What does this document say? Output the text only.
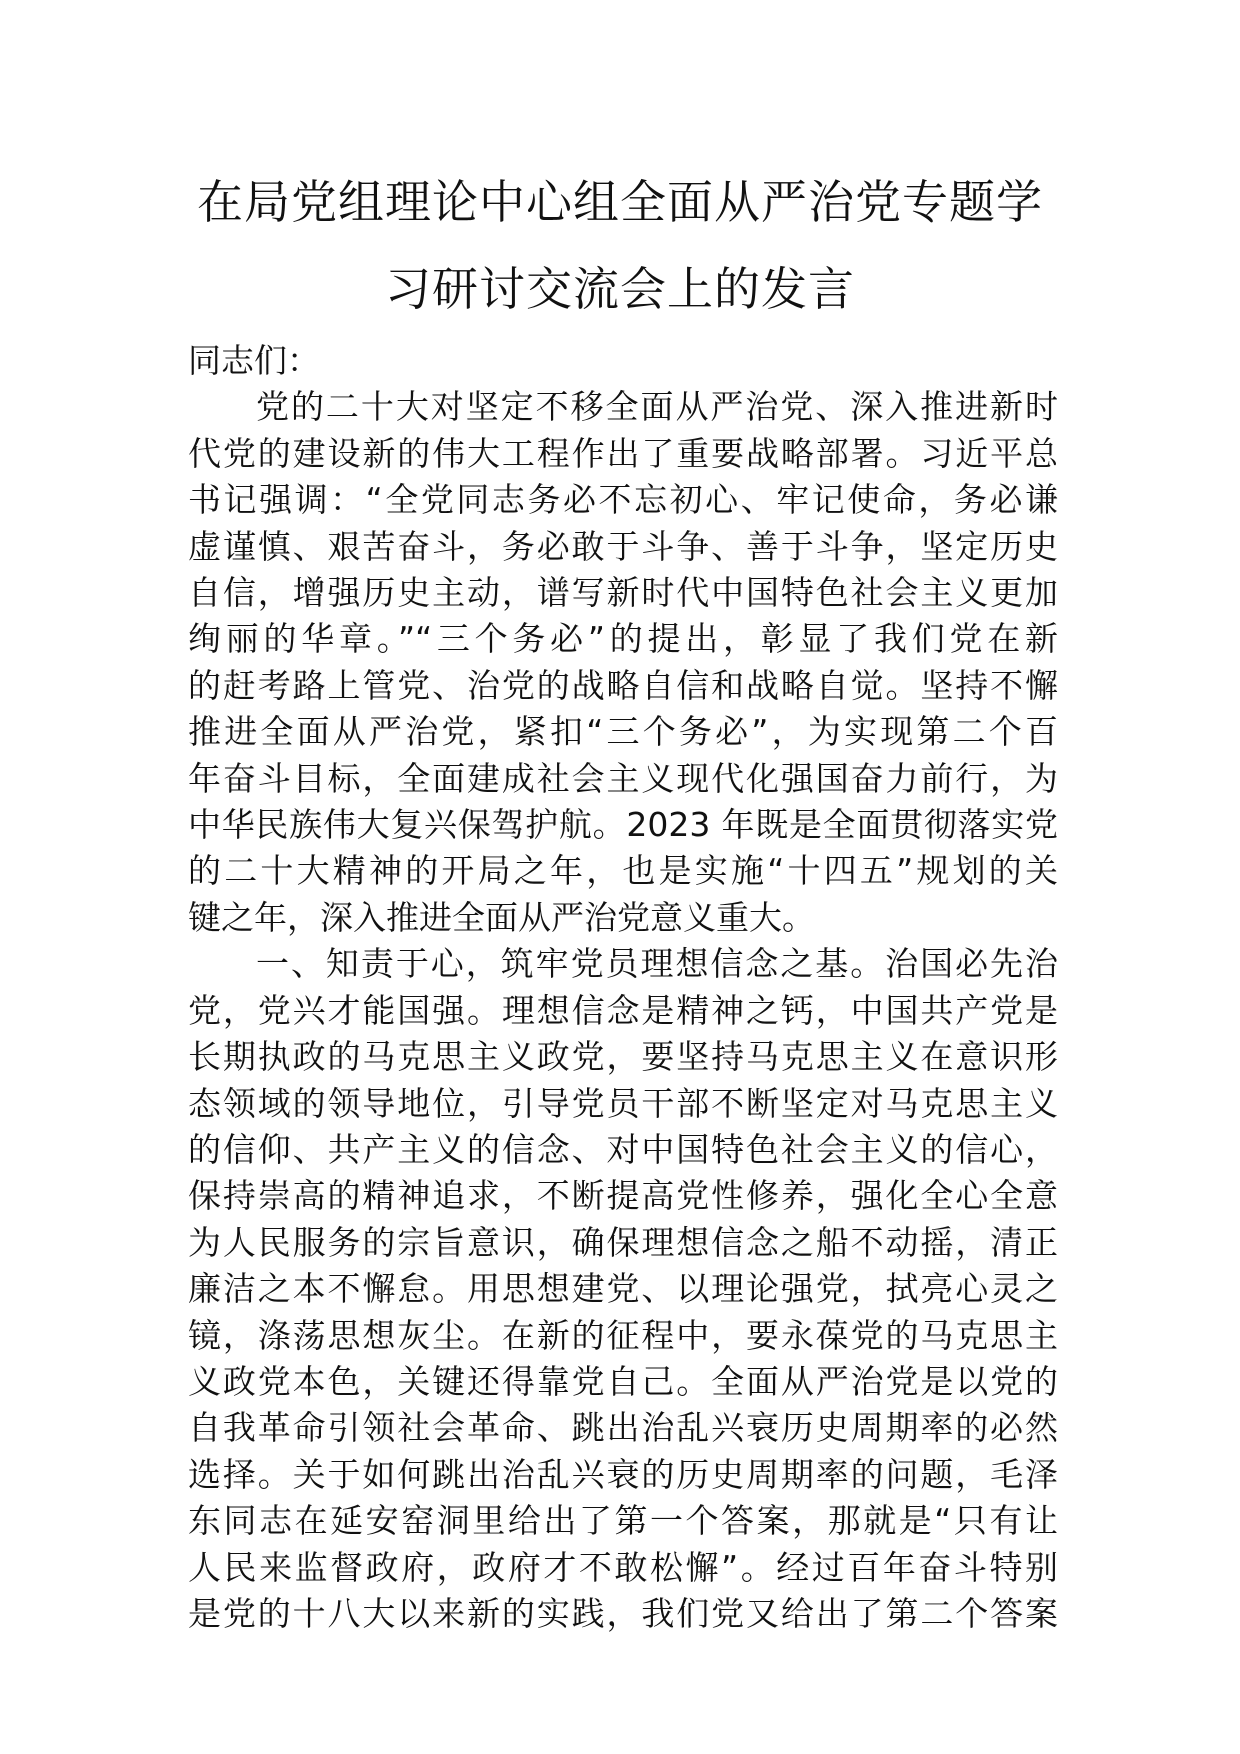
在局党组理论中心组全面从严治党专题学
习研讨交流会上的发言
同志们：
党的二十大对坚定不移全面从严治党、深入推进新时
代党的建设新的伟大工程作出了重要战略部署。习近平总
书记强调：“全党同志务必不忘初心、牢记使命，务必谦
虚谨慎、艰苦奋斗，务必敢于斗争、善于斗争，坚定历史
自信，增强历史主动，谱写新时代中国特色社会主义更加
绚丽的华章。”“三个务必”的提出，彰显了我们党在新
的赶考路上管党、治党的战略自信和战略自觉。坚持不懈
推进全面从严治党，紧扣“三个务必”，为实现第二个百
年奋斗目标，全面建成社会主义现代化强国奋力前行，为
中华民族伟大复兴保驾护航。2023 年既是全面贯彻落实党
的二十大精神的开局之年，也是实施“十四五”规划的关
键之年，深入推进全面从严治党意义重大。
一、知责于心，筑牢党员理想信念之基。治国必先治
党，党兴才能国强。理想信念是精神之钙，中国共产党是
长期执政的马克思主义政党，要坚持马克思主义在意识形
态领域的领导地位，引导党员干部不断坚定对马克思主义
的信仰、共产主义的信念、对中国特色社会主义的信心，
保持崇高的精神追求，不断提高党性修养，强化全心全意
为人民服务的宗旨意识，确保理想信念之船不动摇，清正
廉洁之本不懈怠。用思想建党、以理论强党，拭亮心灵之
镜，涤荡思想灰尘。在新的征程中，要永葆党的马克思主
义政党本色，关键还得靠党自己。全面从严治党是以党的
自我革命引领社会革命、跳出治乱兴衰历史周期率的必然
选择。关于如何跳出治乱兴衰的历史周期率的问题，毛泽
东同志在延安窑洞里给出了第一个答案，那就是“只有让
人民来监督政府，政府才不敢松懈”。经过百年奋斗特别
是党的十八大以来新的实践，我们党又给出了第二个答案
